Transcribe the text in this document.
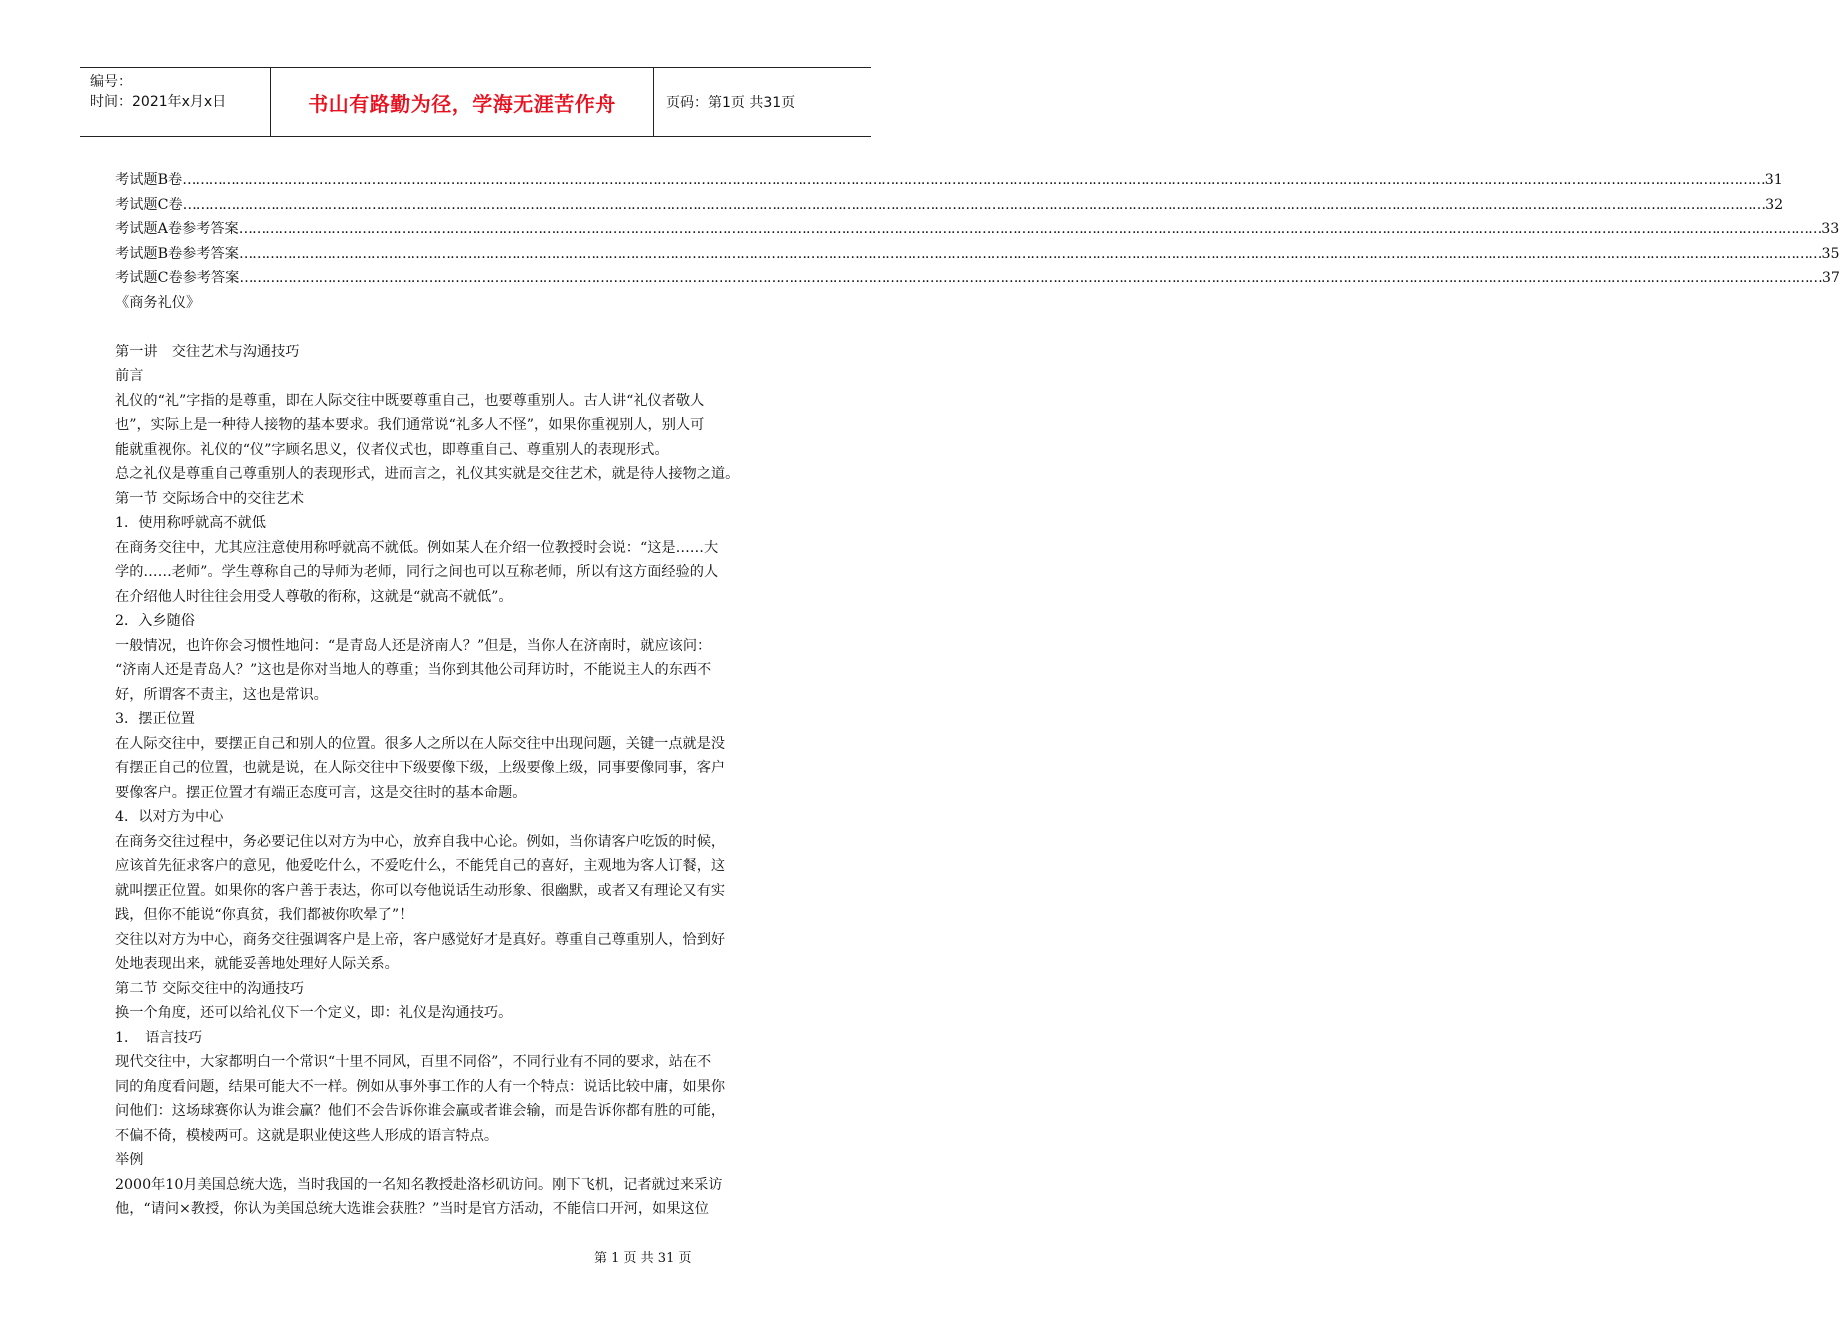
编号：
时间：2021年x月x日	书山有路勤为径，学海无涯苦作舟	页码：第1页 共31页
考试题B卷 ……………………………………………………………………………………………………………………………………………………………………………………………………………………………………………………………………………………………………………………………… 31
考试题C卷 ……………………………………………………………………………………………………………………………………………………………………………………………………………………………………………………………………………………………………………………………… 32
考试题A卷参考答案 ……………………………………………………………………………………………………………………………………………………………………………………………………………………………………………………………………………………………………………………………… 33
考试题B卷参考答案 ……………………………………………………………………………………………………………………………………………………………………………………………………………………………………………………………………………………………………………………………… 35
考试题C卷参考答案 ……………………………………………………………………………………………………………………………………………………………………………………………………………………………………………………………………………………………………………………………… 37
《商务礼仪》
第一讲　交往艺术与沟通技巧
前言
礼仪的“礼”字指的是尊重，即在人际交往中既要尊重自己，也要尊重别人。古人讲“礼仪者敬人
也”，实际上是一种待人接物的基本要求。我们通常说“礼多人不怪”，如果你重视别人，别人可
能就重视你。礼仪的“仪”字顾名思义，仪者仪式也，即尊重自己、尊重别人的表现形式。
总之礼仪是尊重自己尊重别人的表现形式，进而言之，礼仪其实就是交往艺术，就是待人接物之道。
第一节 交际场合中的交往艺术
1．使用称呼就高不就低
在商务交往中，尤其应注意使用称呼就高不就低。例如某人在介绍一位教授时会说：“这是……大
学的……老师”。学生尊称自己的导师为老师，同行之间也可以互称老师，所以有这方面经验的人
在介绍他人时往往会用受人尊敬的衔称，这就是“就高不就低”。
2．入乡随俗
一般情况，也许你会习惯性地问：“是青岛人还是济南人？”但是，当你人在济南时，就应该问：
“济南人还是青岛人？”这也是你对当地人的尊重；当你到其他公司拜访时，不能说主人的东西不
好，所谓客不责主，这也是常识。
3．摆正位置
在人际交往中，要摆正自己和别人的位置。很多人之所以在人际交往中出现问题，关键一点就是没
有摆正自己的位置，也就是说，在人际交往中下级要像下级，上级要像上级，同事要像同事，客户
要像客户。摆正位置才有端正态度可言，这是交往时的基本命题。
4．以对方为中心
在商务交往过程中，务必要记住以对方为中心，放弃自我中心论。例如，当你请客户吃饭的时候，
应该首先征求客户的意见，他爱吃什么，不爱吃什么，不能凭自己的喜好，主观地为客人订餐，这
就叫摆正位置。如果你的客户善于表达，你可以夸他说话生动形象、很幽默，或者又有理论又有实
践，但你不能说“你真贫，我们都被你吹晕了”！
交往以对方为中心，商务交往强调客户是上帝，客户感觉好才是真好。尊重自己尊重别人，恰到好
处地表现出来，就能妥善地处理好人际关系。
第二节 交际交往中的沟通技巧
换一个角度，还可以给礼仪下一个定义，即：礼仪是沟通技巧。
1．　语言技巧
现代交往中，大家都明白一个常识“十里不同风，百里不同俗”，不同行业有不同的要求，站在不
同的角度看问题，结果可能大不一样。例如从事外事工作的人有一个特点：说话比较中庸，如果你
问他们：这场球赛你认为谁会赢？他们不会告诉你谁会赢或者谁会输，而是告诉你都有胜的可能，
不偏不倚，模棱两可。这就是职业使这些人形成的语言特点。
举例
2000年10月美国总统大选，当时我国的一名知名教授赴洛杉矶访问。刚下飞机，记者就过来采访
他，“请问×教授，你认为美国总统大选谁会获胜？”当时是官方活动，不能信口开河，如果这位
第 1 页 共 31 页
